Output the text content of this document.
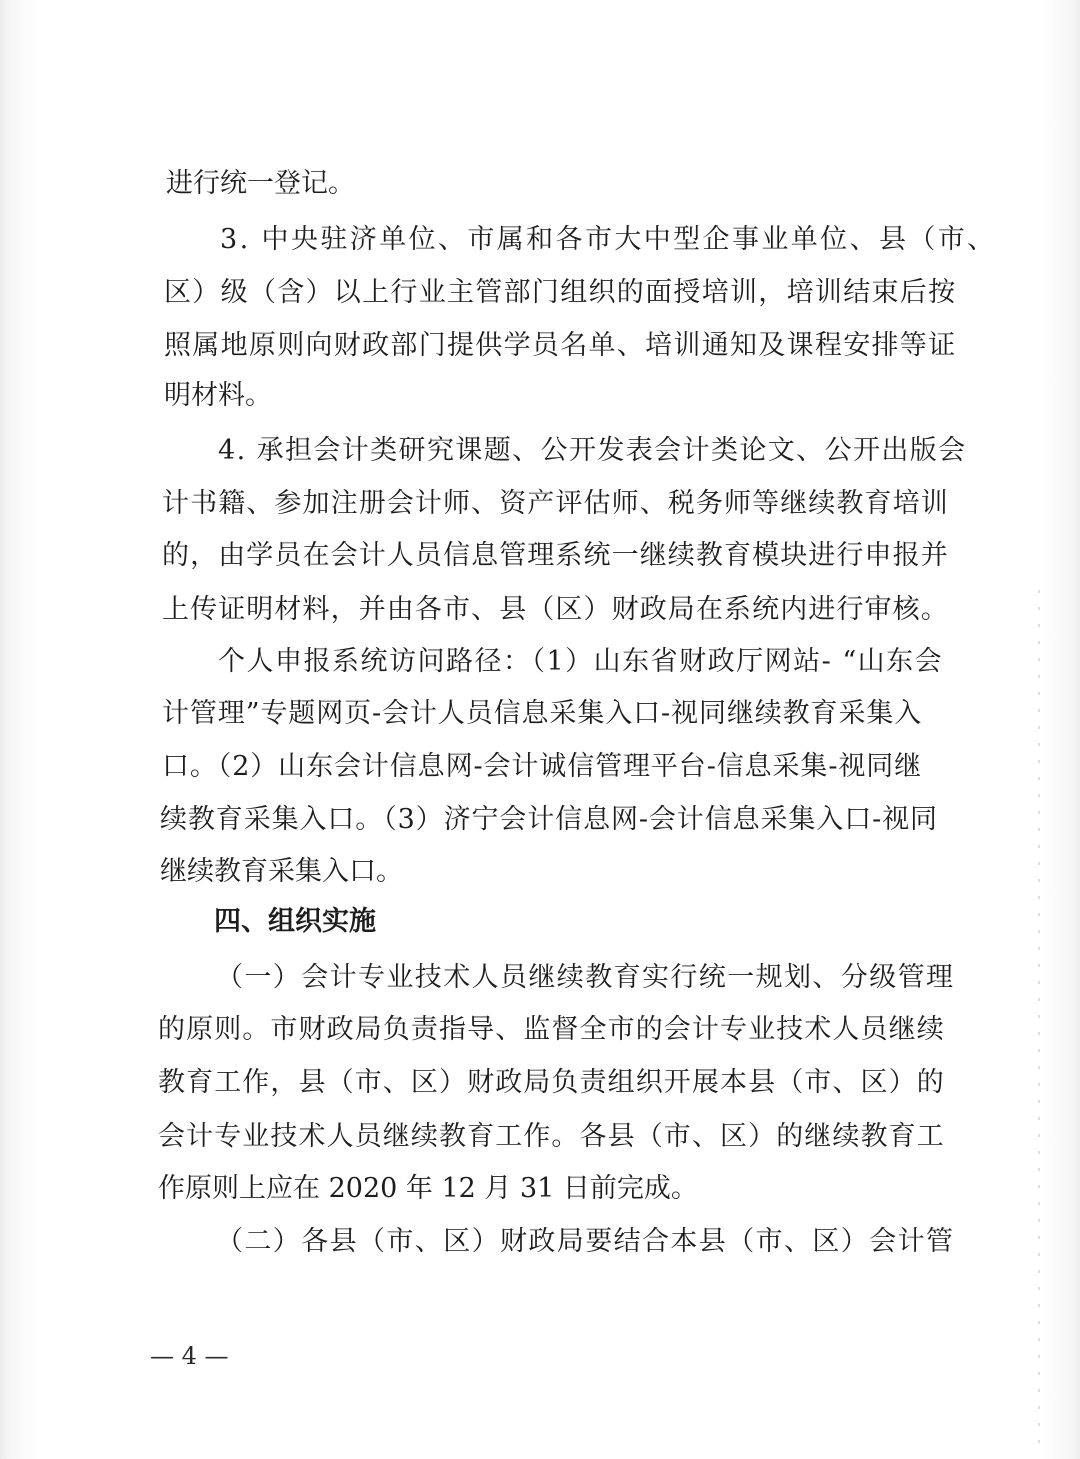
进行统一登记。
3. 中央驻济单位、市属和各市大中型企事业单位、县（市、
区）级（含）以上行业主管部门组织的面授培训，培训结束后按
照属地原则向财政部门提供学员名单、培训通知及课程安排等证
明材料。
4. 承担会计类研究课题、公开发表会计类论文、公开出版会
计书籍、参加注册会计师、资产评估师、税务师等继续教育培训
的，由学员在会计人员信息管理系统一继续教育模块进行申报并
上传证明材料，并由各市、县（区）财政局在系统内进行审核。
个人申报系统访问路径：（1）山东省财政厅网站- “山东会
计管理”专题网页-会计人员信息采集入口-视同继续教育采集入
口。（2）山东会计信息网-会计诚信管理平台-信息采集-视同继
续教育采集入口。（3）济宁会计信息网-会计信息采集入口-视同
继续教育采集入口。
四、组织实施
（一）会计专业技术人员继续教育实行统一规划、分级管理
的原则。市财政局负责指导、监督全市的会计专业技术人员继续
教育工作，县（市、区）财政局负责组织开展本县（市、区）的
会计专业技术人员继续教育工作。各县（市、区）的继续教育工
作原则上应在 2020 年 12 月 31 日前完成。
（二）各县（市、区）财政局要结合本县（市、区）会计管
— 4 —
